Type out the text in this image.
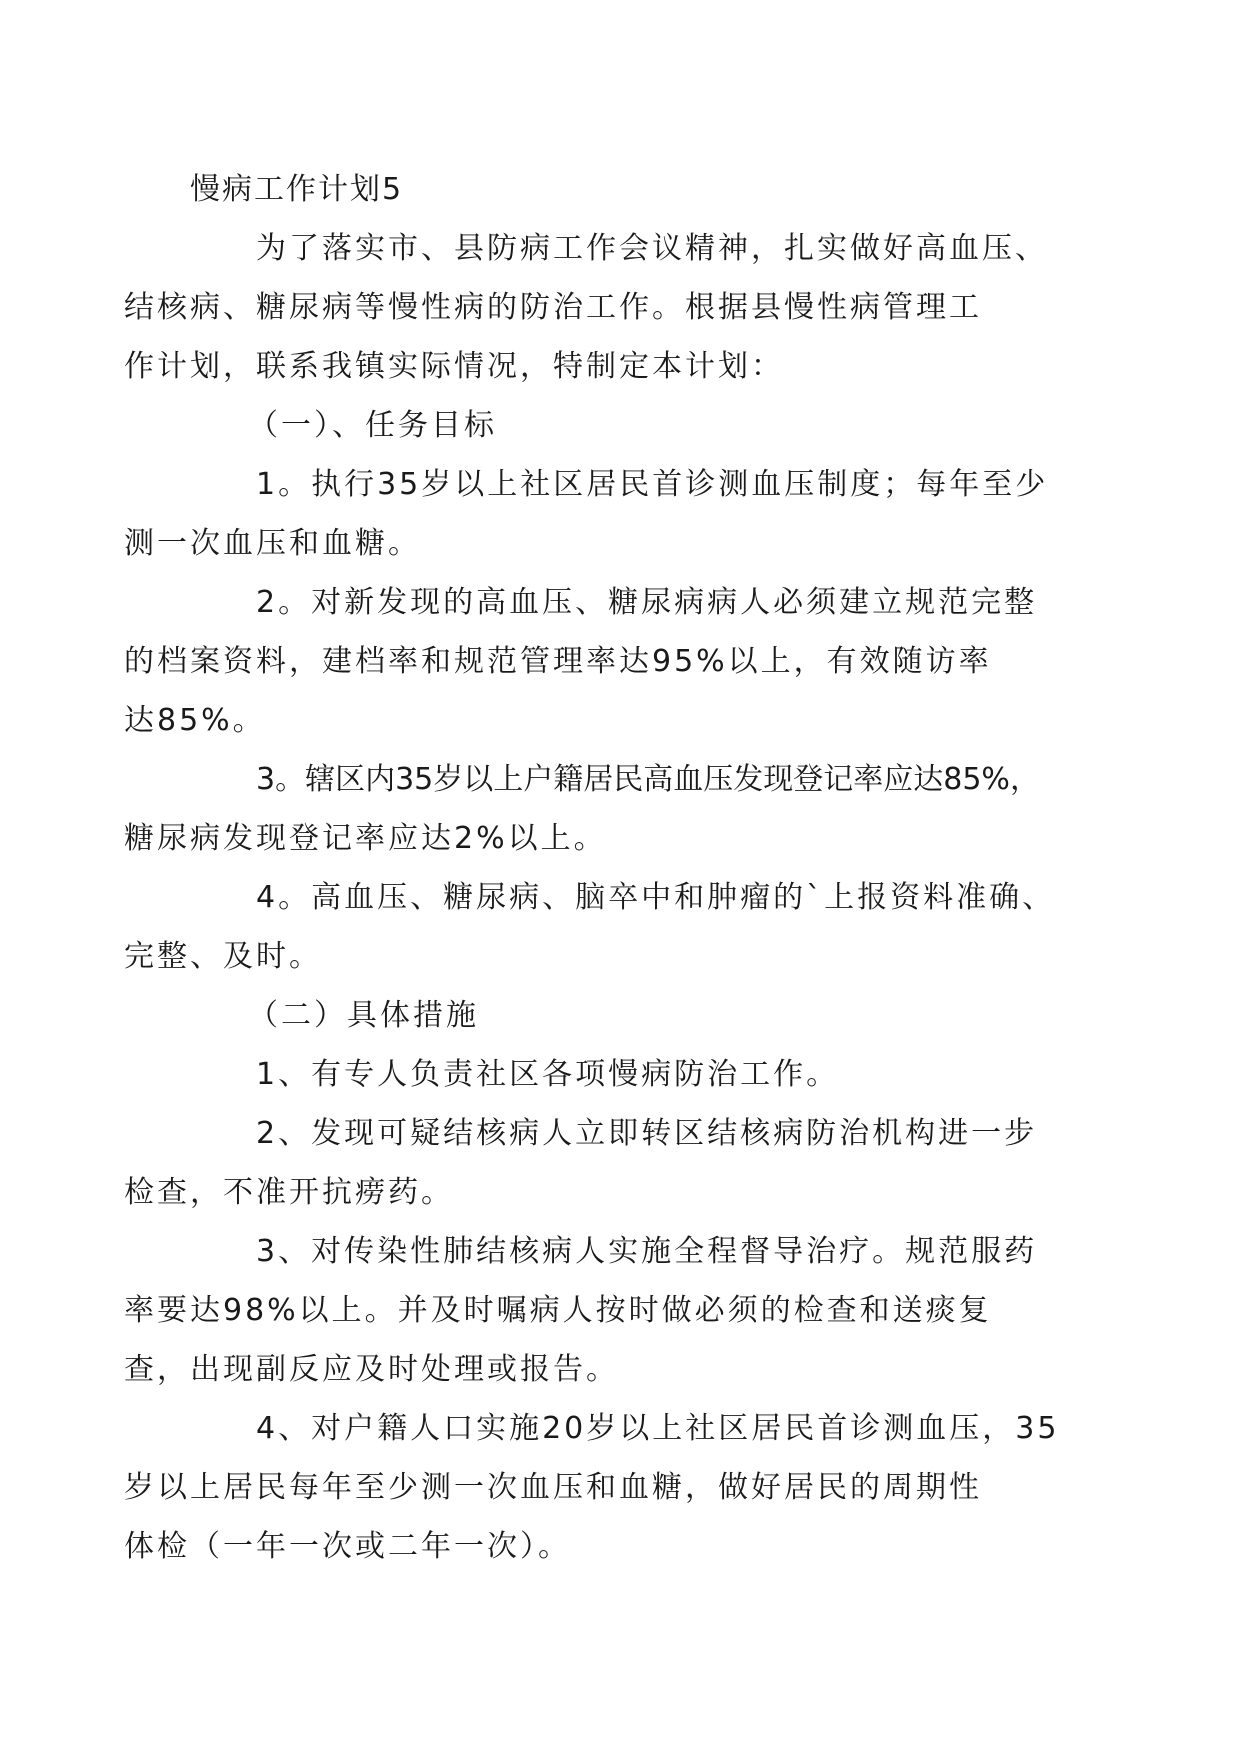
慢病工作计划5

为了落实市、县防病工作会议精神，扎实做好高血压、
结核病、糖尿病等慢性病的防治工作。根据县慢性病管理工
作计划，联系我镇实际情况，特制定本计划：

（一）、任务目标

1。执行35岁以上社区居民首诊测血压制度；每年至少
测一次血压和血糖。

2。对新发现的高血压、糖尿病病人必须建立规范完整
的档案资料，建档率和规范管理率达95%以上，有效随访率
达85%。

3。辖区内35岁以上户籍居民高血压发现登记率应达85%，
糖尿病发现登记率应达2%以上。

4。高血压、糖尿病、脑卒中和肿瘤的`上报资料准确、
完整、及时。

（二）具体措施

1、有专人负责社区各项慢病防治工作。

2、发现可疑结核病人立即转区结核病防治机构进一步
检查，不准开抗痨药。

3、对传染性肺结核病人实施全程督导治疗。规范服药
率要达98%以上。并及时嘱病人按时做必须的检查和送痰复
查，出现副反应及时处理或报告。

4、对户籍人口实施20岁以上社区居民首诊测血压，35
岁以上居民每年至少测一次血压和血糖，做好居民的周期性
体检（一年一次或二年一次）。
